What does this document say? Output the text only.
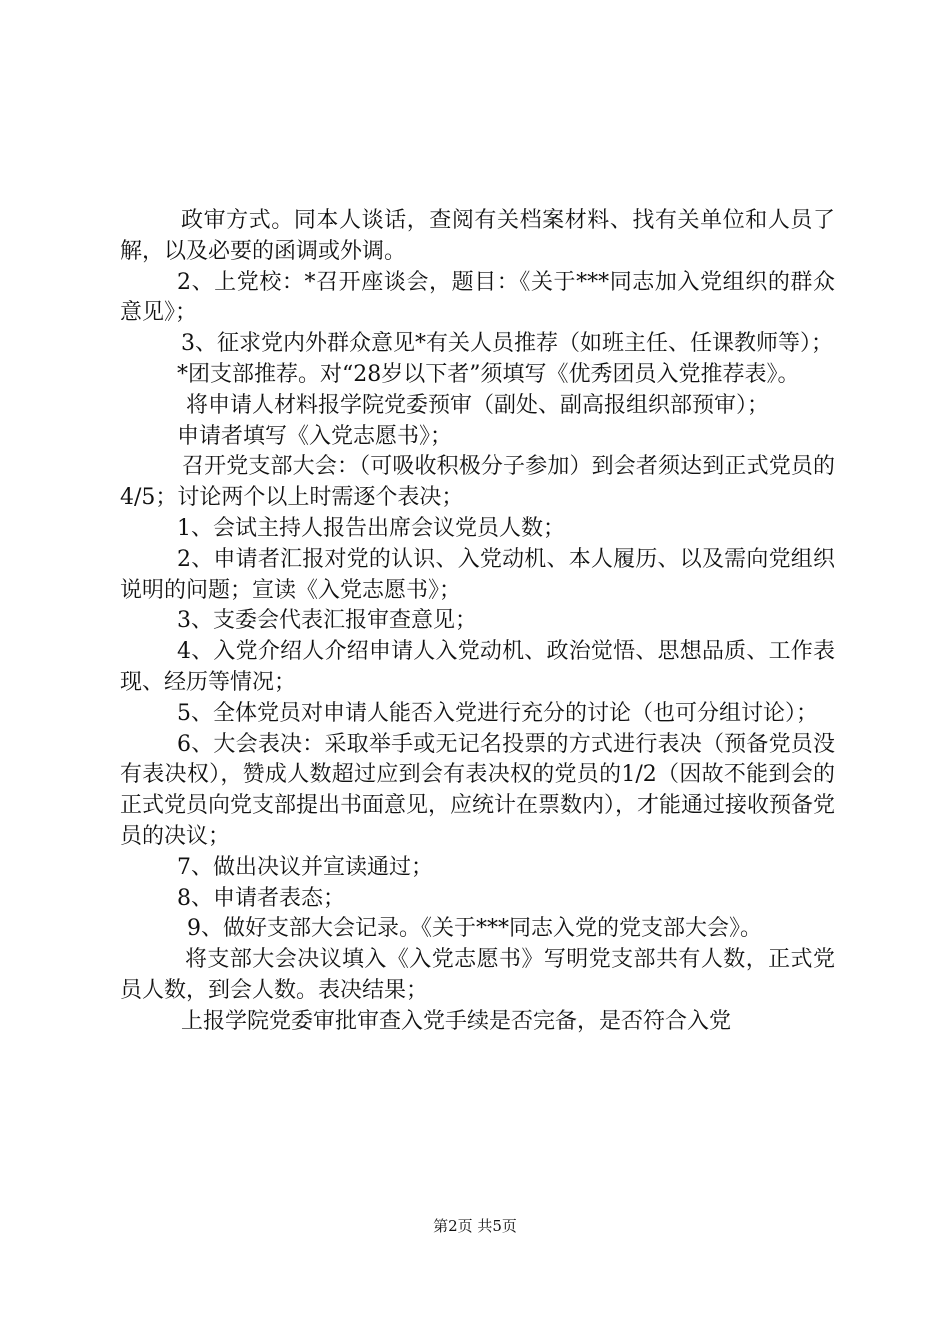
政审方式。同本人谈话，查阅有关档案材料、找有关单位和人员了解，以及必要的函调或外调。

2、上党校：*召开座谈会，题目：《关于***同志加入党组织的群众意见》；

3、征求党内外群众意见*有关人员推荐（如班主任、任课教师等）；

*团支部推荐。对“28岁以下者”须填写《优秀团员入党推荐表》。

将申请人材料报学院党委预审（副处、副高报组织部预审）；

申请者填写《入党志愿书》；

召开党支部大会：（可吸收积极分子参加）到会者须达到正式党员的4/5；讨论两个以上时需逐个表决；

1、会试主持人报告出席会议党员人数；

2、申请者汇报对党的认识、入党动机、本人履历、以及需向党组织说明的问题；宣读《入党志愿书》；

3、支委会代表汇报审查意见；

4、入党介绍人介绍申请人入党动机、政治觉悟、思想品质、工作表现、经历等情况；

5、全体党员对申请人能否入党进行充分的讨论（也可分组讨论）；

6、大会表决：采取举手或无记名投票的方式进行表决（预备党员没有表决权），赞成人数超过应到会有表决权的党员的1/2（因故不能到会的正式党员向党支部提出书面意见，应统计在票数内），才能通过接收预备党员的决议；

7、做出决议并宣读通过；

8、申请者表态；

9、做好支部大会记录。《关于***同志入党的党支部大会》。

将支部大会决议填入《入党志愿书》写明党支部共有人数，正式党员人数，到会人数。表决结果；

上报学院党委审批审查入党手续是否完备，是否符合入党

第2页 共5页
